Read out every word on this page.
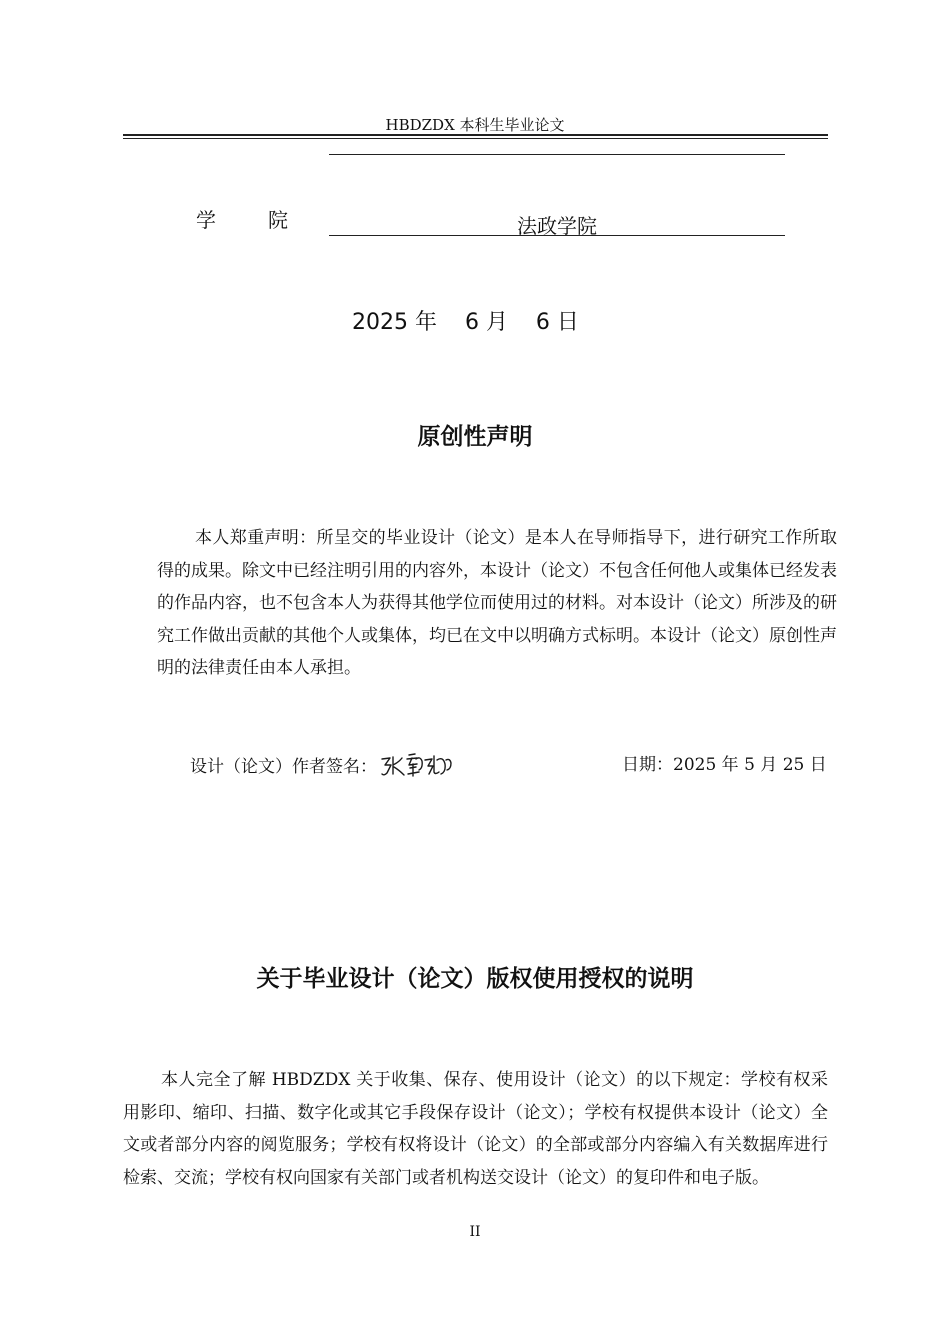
HBDZDX 本科生毕业论文
学院	法政学院
2025 年    6 月    6 日
原创性声明
本人郑重声明：所呈交的毕业设计（论文）是本人在导师指导下，进行研究工作所取得的成果。除文中已经注明引用的内容外，本设计（论文）不包含任何他人或集体已经发表的作品内容，也不包含本人为获得其他学位而使用过的材料。对本设计（论文）所涉及的研究工作做出贡献的其他个人或集体，均已在文中以明确方式标明。本设计（论文）原创性声明的法律责任由本人承担。
设计（论文）作者签名：	日期：2025 年 5 月 25 日
关于毕业设计（论文）版权使用授权的说明
本人完全了解 HBDZDX 关于收集、保存、使用设计（论文）的以下规定：学校有权采用影印、缩印、扫描、数字化或其它手段保存设计（论文）；学校有权提供本设计（论文）全文或者部分内容的阅览服务；学校有权将设计（论文）的全部或部分内容编入有关数据库进行检索、交流；学校有权向国家有关部门或者机构送交设计（论文）的复印件和电子版。
II
